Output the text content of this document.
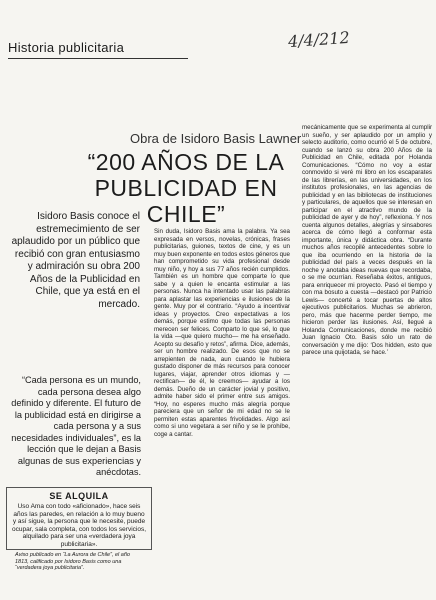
Historia publicitaria	4/4/212
Obra de Isidoro Basis Lawner
“200 AÑOS DE LA PUBLICIDAD EN CHILE”
Isidoro Basis conoce el estremecimiento de ser aplaudido por un público que recibió con gran entusiasmo y admiración su obra 200 Años de la Publicidad en Chile, que ya está en el mercado.
“Cada persona es un mundo, cada persona desea algo definido y diferente. El futuro de la publicidad está en dirigirse a cada persona y a sus necesidades individuales”, es la lección que le dejan a Basis algunas de sus experiencias y anécdotas.
SE ALQUILA
Uso Ama con todo «aficionado», hace seis años las paredes, en relación a lo muy bueno y así sigue, la persona que le necesite, puede ocupar, sala completa, con todos los servicios, alquilado para ser una «verdadera joya publicitaria».
Aviso publicado en “La Aurora de Chile”, el año 1813, calificado por Isidoro Basis como una “verdadera joya publicitaria”.
Sin duda, Isidoro Basis ama la palabra. Ya sea expresada en versos, novelas, crónicas, frases publicitarias, guiones, textos de cine, y es un muy buen exponente en todos estos géneros que han comprometido su vida profesional desde muy niño, y hoy a sus 77 años recién cumplidos. También es un hombre que comparte lo que sabe y a quien le encanta estimular a las personas. Nunca ha intentado usar las palabras para aplastar las experiencias e ilusiones de la gente. Muy por el contrario. “Ayudo a incentivar ideas y proyectos. Creo expectativas a los demás, porque estimo que todas las personas merecen ser felices. Comparto lo que sé, lo que la vida —que quiero mucho— me ha enseñado. Acepto su desafío y retos”, afirma. Dice, además, ser un hombre realizado. De esos que no se arrepienten de nada, aun cuando le hubiera gustado disponer de más recursos para conocer lugares, viajar, aprender otros idiomas y —rectifican— de él, le creemos— ayudar a los demás. Dueño de un carácter jovial y positivo, admite haber sido el primer entre sus amigos. “Hoy, no esperes mucho más alegría porque pareciera que un señor de mi edad no se le permiten estas aparentes frivolidades. Algo así como si uno vegetara a ser niño y se le prohíbe, coge a cantar.
mecánicamente que se experimenta al cumplir un sueño, y ser aplaudido por un amplio y selecto auditorio, como ocurrió el 5 de octubre, cuando se lanzó su obra 200 Años de la Publicidad en Chile, editada por Holanda Comunicaciones. “Cómo no voy a estar conmovido si veré mi libro en los escaparates de las librerías, en las universidades, en los institutos profesionales, en las agencias de publicidad y en las bibliotecas de instituciones y particulares, de aquellos que se interesan en participar en el atractivo mundo de la publicidad de ayer y de hoy”, reflexiona. Y nos cuenta algunos detalles, alegrías y sinsabores acerca de cómo llegó a conformar esta importante, única y didáctica obra. “Durante muchos años recopilé antecedentes sobre lo que iba ocurriendo en la historia de la publicidad del país a veces después en la noche y anotaba ideas nuevas que recordaba, o se me ocurrían. Reseñaba éxitos, antiguos, para enriquecer mi proyecto. Pasó el tiempo y con ma bosuto a cuesta —destacó por Patricio Lewis— concerté a tocar puertas de altos ejecutivos publicitarios. Muchas se abrieron, pero, más que hacerme perder tiempo, me hicieron perder las ilusiones. Así, llegué a Holanda Comunicaciones, donde me recibió Juan Ignacio Oto. Basis sólo un rato de conversación y me dijo: ‘Dos hidden, esto que parece una quijotada, se hace.’
